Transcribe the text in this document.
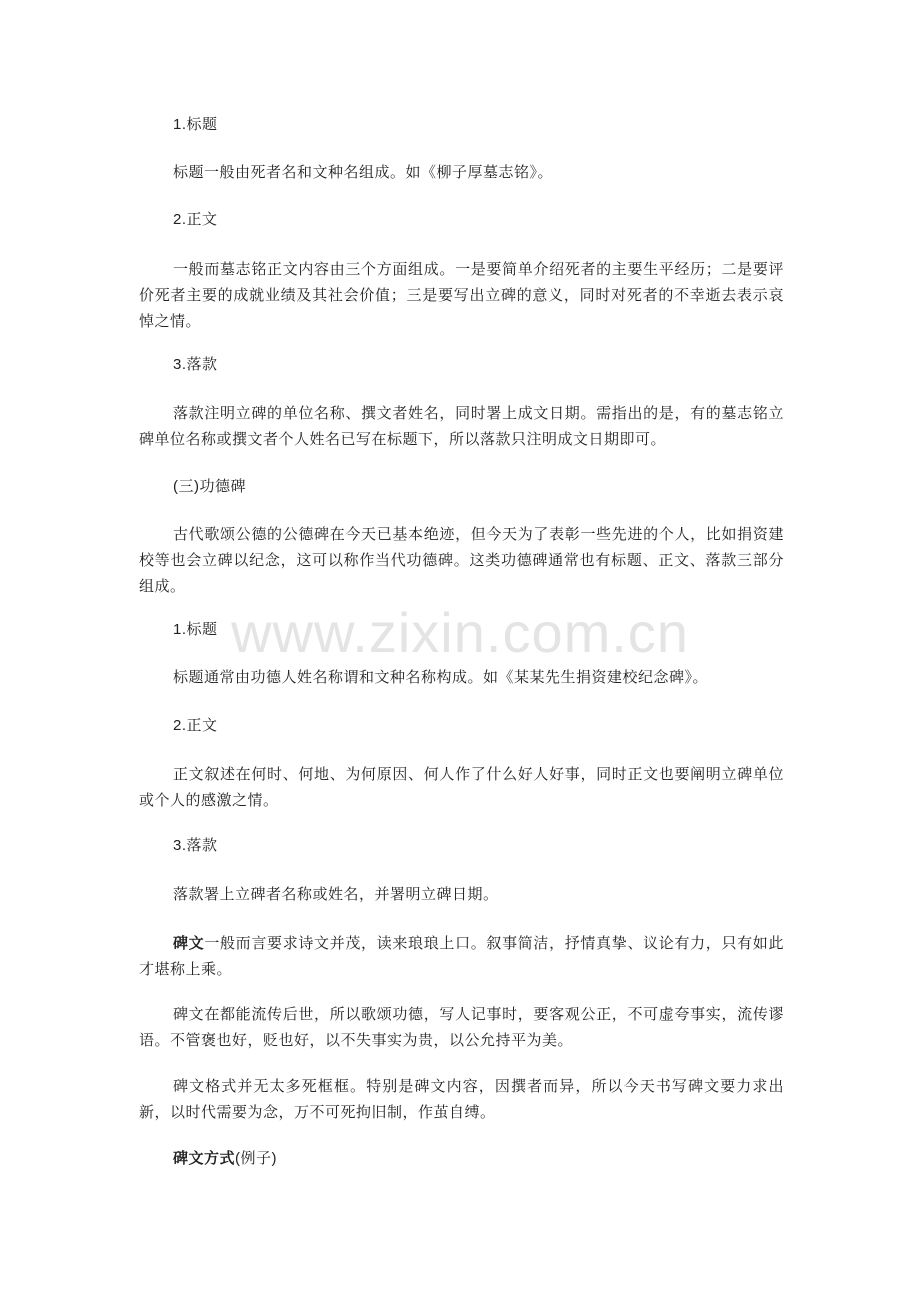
www.zixin.com.cn

1.标题

标题一般由死者名和文种名组成。如《柳子厚墓志铭》。

2.正文

一般而墓志铭正文内容由三个方面组成。一是要简单介绍死者的主要生平经历；二是要评价死者主要的成就业绩及其社会价值；三是要写出立碑的意义，同时对死者的不幸逝去表示哀悼之情。

3.落款

落款注明立碑的单位名称、撰文者姓名，同时署上成文日期。需指出的是，有的墓志铭立碑单位名称或撰文者个人姓名已写在标题下，所以落款只注明成文日期即可。

(三)功德碑

古代歌颂公德的公德碑在今天已基本绝迹，但今天为了表彰一些先进的个人，比如捐资建校等也会立碑以纪念，这可以称作当代功德碑。这类功德碑通常也有标题、正文、落款三部分组成。

1.标题

标题通常由功德人姓名称谓和文种名称构成。如《某某先生捐资建校纪念碑》。

2.正文

正文叙述在何时、何地、为何原因、何人作了什么好人好事，同时正文也要阐明立碑单位或个人的感激之情。

3.落款

落款署上立碑者名称或姓名，并署明立碑日期。

碑文一般而言要求诗文并茂，读来琅琅上口。叙事简洁，抒情真挚、议论有力，只有如此才堪称上乘。

碑文在都能流传后世，所以歌颂功德，写人记事时，要客观公正，不可虚夸事实，流传谬语。不管褒也好，贬也好，以不失事实为贵，以公允持平为美。

碑文格式并无太多死框框。特别是碑文内容，因撰者而异，所以今天书写碑文要力求出新，以时代需要为念，万不可死拘旧制，作茧自缚。

碑文方式(例子)
